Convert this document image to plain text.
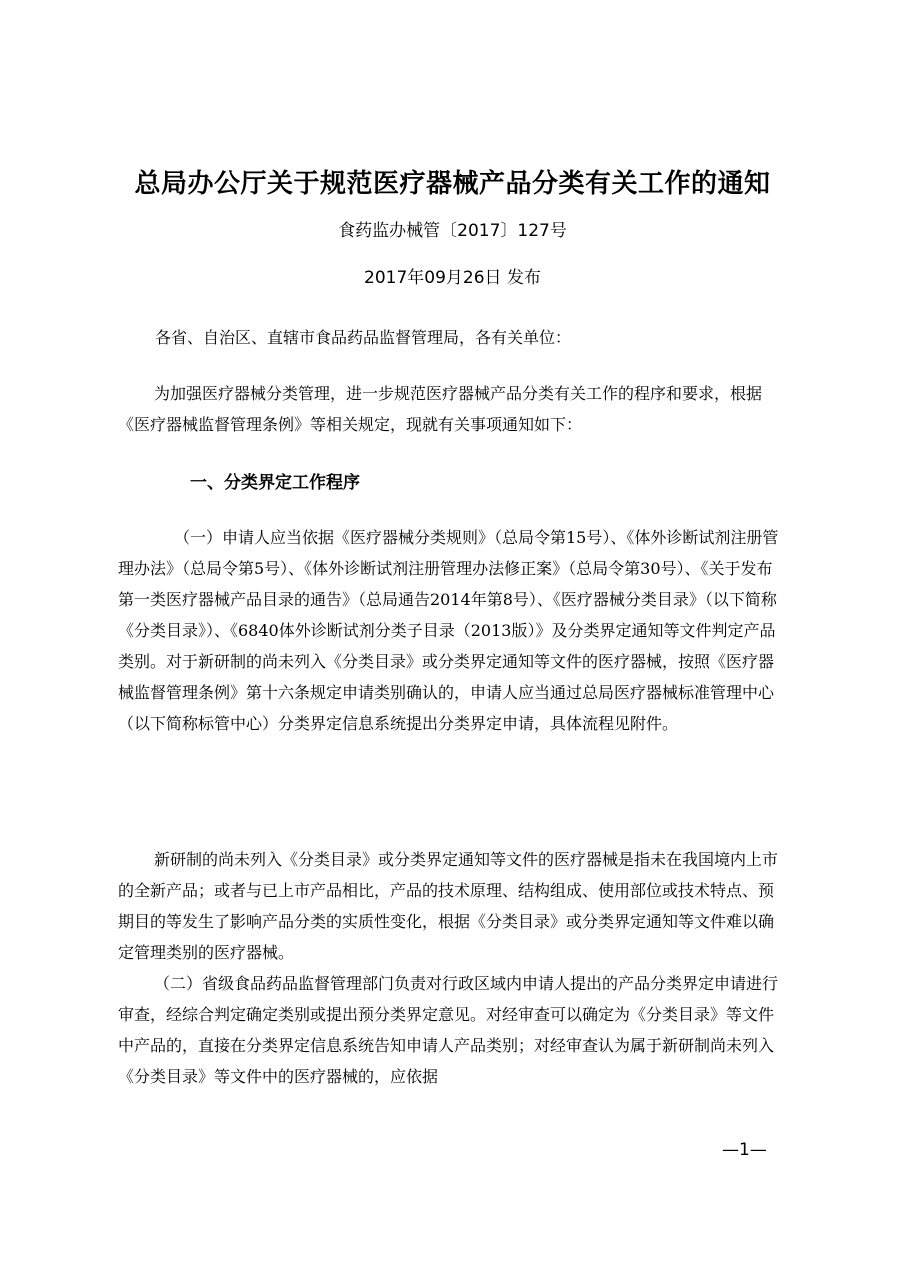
总局办公厅关于规范医疗器械产品分类有关工作的通知
食药监办械管〔2017〕127号
2017年09月26日 发布

各省、自治区、直辖市食品药品监督管理局，各有关单位：

为加强医疗器械分类管理，进一步规范医疗器械产品分类有关工作的程序和要求，根据《医疗器械监督管理条例》等相关规定，现就有关事项通知如下：

一、分类界定工作程序

（一）申请人应当依据《医疗器械分类规则》（总局令第15号）、《体外诊断试剂注册管理办法》（总局令第5号）、《体外诊断试剂注册管理办法修正案》（总局令第30号）、《关于发布第一类医疗器械产品目录的通告》（总局通告2014年第8号）、《医疗器械分类目录》（以下简称《分类目录》）、《6840体外诊断试剂分类子目录（2013版）》及分类界定通知等文件判定产品类别。对于新研制的尚未列入《分类目录》或分类界定通知等文件的医疗器械，按照《医疗器械监督管理条例》第十六条规定申请类别确认的，申请人应当通过总局医疗器械标准管理中心（以下简称标管中心）分类界定信息系统提出分类界定申请，具体流程见附件。

新研制的尚未列入《分类目录》或分类界定通知等文件的医疗器械是指未在我国境内上市的全新产品；或者与已上市产品相比，产品的技术原理、结构组成、使用部位或技术特点、预期目的等发生了影响产品分类的实质性变化，根据《分类目录》或分类界定通知等文件难以确定管理类别的医疗器械。

（二）省级食品药品监督管理部门负责对行政区域内申请人提出的产品分类界定申请进行审查，经综合判定确定类别或提出预分类界定意见。对经审查可以确定为《分类目录》等文件中产品的，直接在分类界定信息系统告知申请人产品类别；对经审查认为属于新研制尚未列入《分类目录》等文件中的医疗器械的，应依据

—1—
